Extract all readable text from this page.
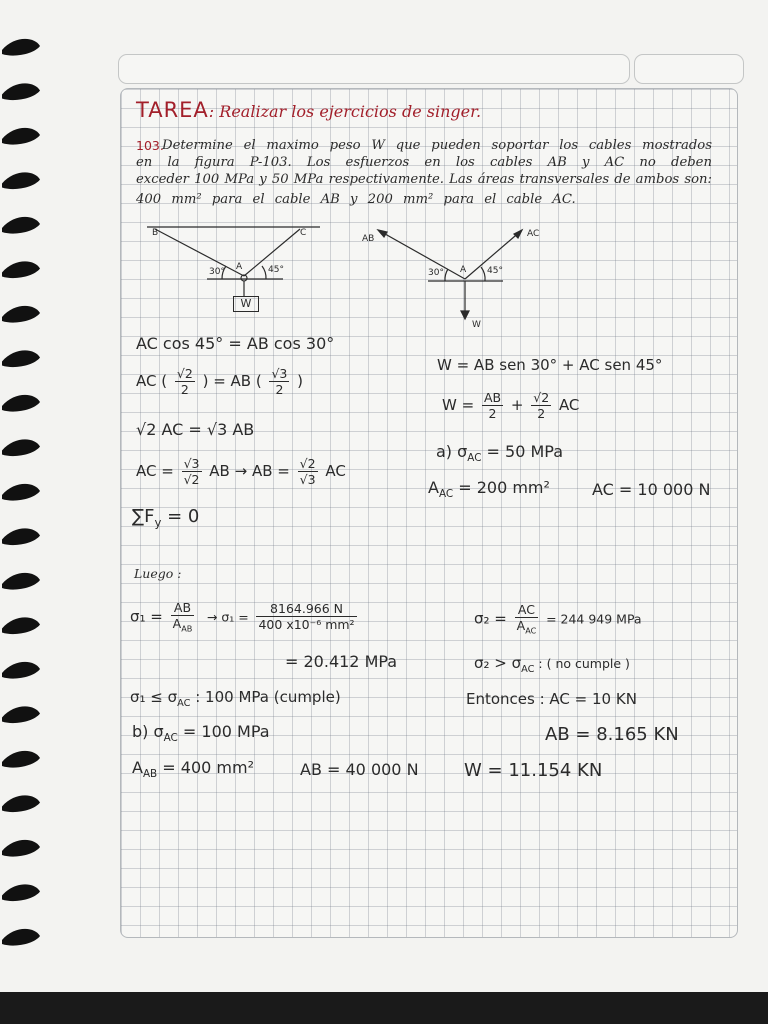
TAREA: Realizar los ejercicios de singer.
103.
Determine el maximo peso W que pueden soportar los cables mostrados
en la figura P-103. Los esfuerzos en los cables AB y AC no deben
exceder 100 MPa y 50 MPa respectivamente. Las áreas transversales de ambos son:
400 mm² para el cable AB y 200 mm² para el cable AC.
W
B	C
A
30°	45°
AB	AC
A
30°	45°
W
AC cos 45° = AB cos 30°
AC ( $\frac{√2}{2}$ ) = AB ( $\frac{√3}{2}$ )
√2 AC = √3 AB
AC = $\frac{√3}{√2}$ AB → AB = $\frac{√2}{√3}$ AC
$\sum F_y = 0$
Luego :
$\sigma_1 = \frac{AB}{A_{AB}} \to \sigma_1 = \frac{8164.966 N}{\text{400 x10⁻⁶ mm²}}$
= 20.412 MPa
$\sigma_1 \le \sigma_{AC}$ : 100 MPa (cumple)
b) $\sigma_{AC} = 100$ MPa
$A_{AB} = 400$ mm²	AB = 40 000 N
W = AB sen 30° + AC sen 45°
$W = \frac{AB}{2} + \frac{√2}{2}$ AC
a) $\sigma_{AC} = 50$ MPa
$A_{AC} = 200$ mm²	AC = 10 000 N
$\sigma_2 = \frac{AC}{A_{AC}} = 244$ 949 MPa
$\sigma_2 > \sigma_{AC}$ : ( no cumple )
Entonces : AC = 10 KN
AB = 8.165 KN
W = 11.154 KN
